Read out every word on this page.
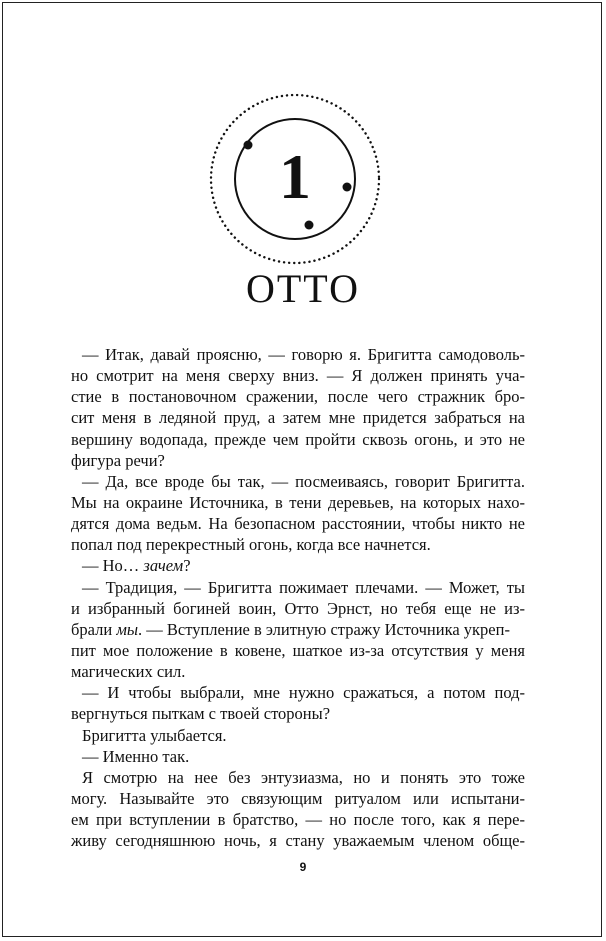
1
ОТТО
— Итак, давай проясню, — говорю я. Бригитта самодоволь-
но смотрит на меня сверху вниз. — Я должен принять уча-
стие в постановочном сражении, после чего стражник бро-
сит меня в ледяной пруд, а затем мне придется забраться на
вершину водопада, прежде чем пройти сквозь огонь, и это не
фигура речи?
— Да, все вроде бы так, — посмеиваясь, говорит Бригитта.
Мы на окраине Источника, в тени деревьев, на которых нахо-
дятся дома ведьм. На безопасном расстоянии, чтобы никто не
попал под перекрестный огонь, когда все начнется.
— Но… зачем?
— Традиция, — Бригитта пожимает плечами. — Может, ты
и избранный богиней воин, Отто Эрнст, но тебя еще не из-
брали мы. — Вступление в элитную стражу Источника укреп-
пит мое положение в ковене, шаткое из-за отсутствия у меня
магических сил.
— И чтобы выбрали, мне нужно сражаться, а потом под-
вергнуться пыткам с твоей стороны?
Бригитта улыбается.
— Именно так.
Я смотрю на нее без энтузиазма, но и понять это тоже
могу. Называйте это связующим ритуалом или испытани-
ем при вступлении в братство, — но после того, как я пере-
живу сегодняшнюю ночь, я стану уважаемым членом обще-
9
